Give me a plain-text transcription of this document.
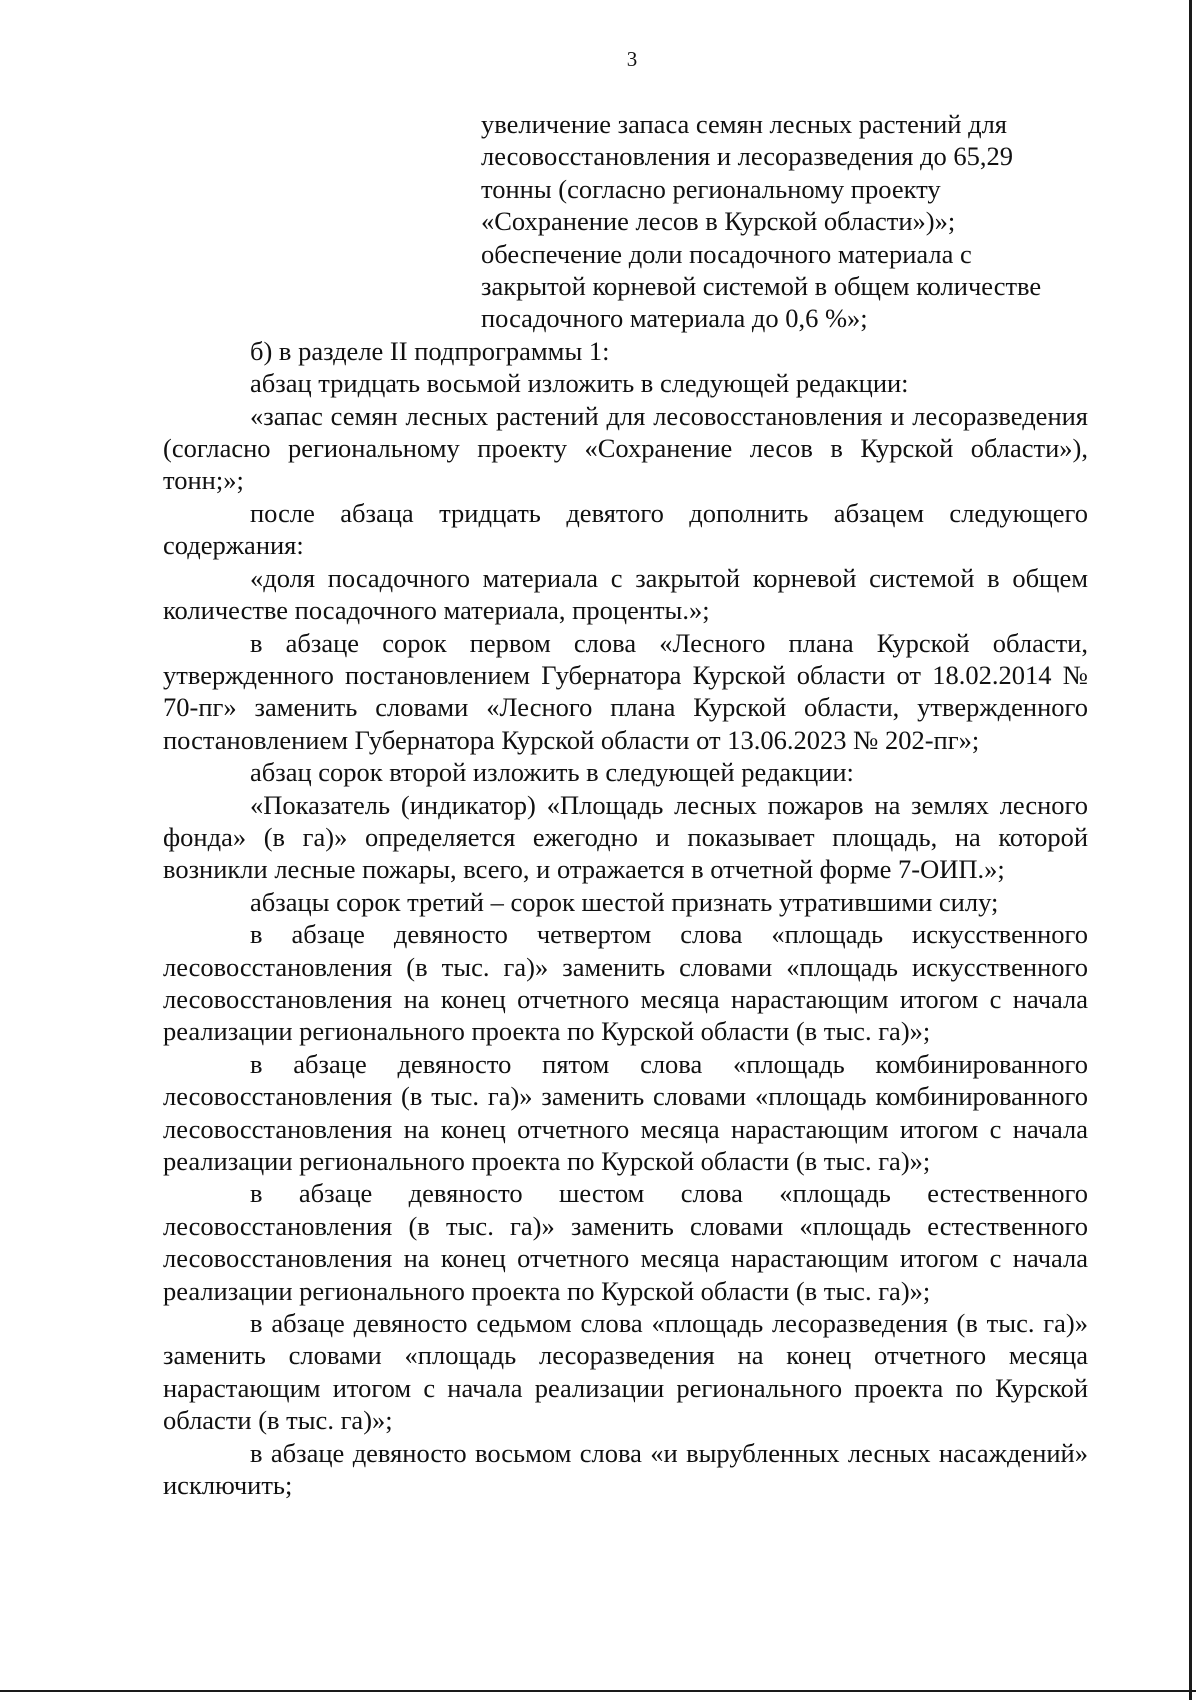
3
увеличение запаса семян лесных растений для
лесовосстановления и лесоразведения до 65,29
тонны (согласно региональному проекту
«Сохранение лесов в Курской области»)»;
обеспечение доли посадочного материала с
закрытой корневой системой в общем количестве
посадочного материала до 0,6 %»;

б) в разделе II подпрограммы 1:

абзац тридцать восьмой изложить в следующей редакции:

«запас семян лесных растений для лесовосстановления и лесоразведения (согласно региональному проекту «Сохранение лесов в Курской области»), тонн;»;

после абзаца тридцать девятого дополнить абзацем следующего содержания:

«доля посадочного материала с закрытой корневой системой в общем количестве посадочного материала, проценты.»;

в абзаце сорок первом слова «Лесного плана Курской области, утвержденного постановлением Губернатора Курской области от 18.02.2014 № 70-пг» заменить словами «Лесного плана Курской области, утвержденного постановлением Губернатора Курской области от 13.06.2023 № 202-пг»;

абзац сорок второй изложить в следующей редакции:

«Показатель (индикатор) «Площадь лесных пожаров на землях лесного фонда» (в га)» определяется ежегодно и показывает площадь, на которой возникли лесные пожары, всего, и отражается в отчетной форме 7-ОИП.»;

абзацы сорок третий – сорок шестой признать утратившими силу;

в абзаце девяносто четвертом слова «площадь искусственного лесовосстановления (в тыс. га)» заменить словами «площадь искусственного лесовосстановления на конец отчетного месяца нарастающим итогом с начала реализации регионального проекта по Курской области (в тыс. га)»;

в абзаце девяносто пятом слова «площадь комбинированного лесовосстановления (в тыс. га)» заменить словами «площадь комбинированного лесовосстановления на конец отчетного месяца нарастающим итогом с начала реализации регионального проекта по Курской области (в тыс. га)»;

в абзаце девяносто шестом слова «площадь естественного лесовосстановления (в тыс. га)» заменить словами «площадь естественного лесовосстановления на конец отчетного месяца нарастающим итогом с начала реализации регионального проекта по Курской области (в тыс. га)»;

в абзаце девяносто седьмом слова «площадь лесоразведения (в тыс. га)» заменить словами «площадь лесоразведения на конец отчетного месяца нарастающим итогом с начала реализации регионального проекта по Курской области (в тыс. га)»;

в абзаце девяносто восьмом слова «и вырубленных лесных насаждений» исключить;
